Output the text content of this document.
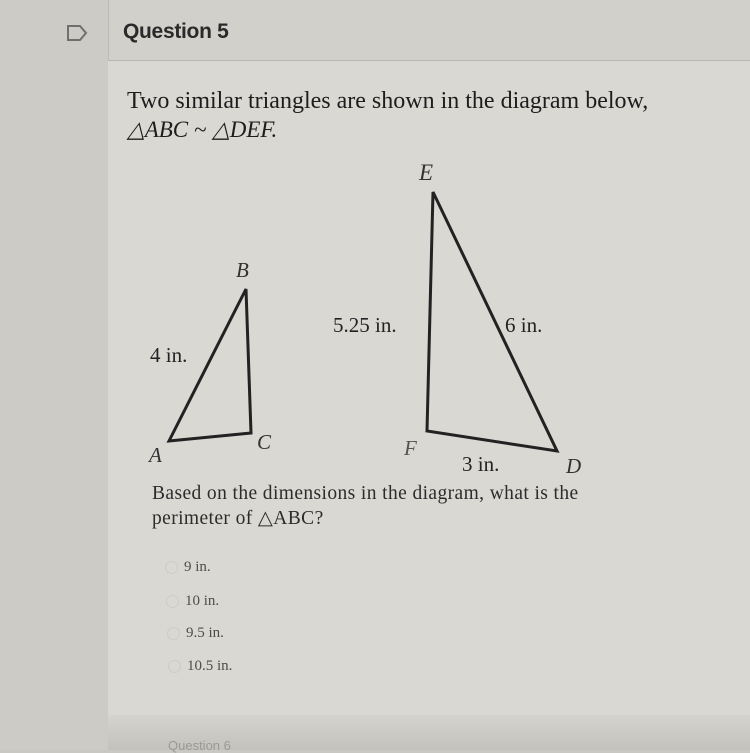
Question 5
Two similar triangles are shown in the diagram below,
△ABC ~ △DEF.
A
B
C
D
E
F
4 in.
5.25 in.	6 in.
3 in.
Based on the dimensions in the diagram, what is the
perimeter of △ABC?
9 in.
10 in.
9.5 in.
10.5 in.
Question 6
